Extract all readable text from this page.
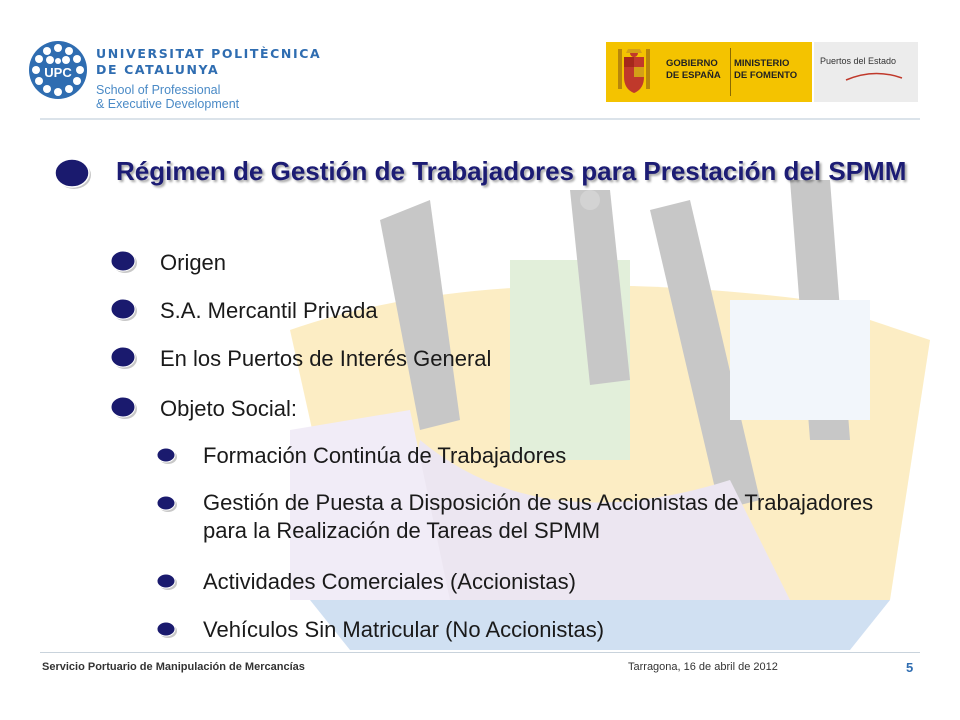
UPC
UNIVERSITAT POLITÈCNICA
DE CATALUNYA
School of Professional
& Executive Development
GOBIERNO
DE ESPAÑA
MINISTERIO
DE FOMENTO
Puertos del Estado
Régimen de Gestión de Trabajadores para Prestación del SPMM
Origen
S.A. Mercantil Privada
En los Puertos de Interés General
Objeto Social:
Formación Continúa de Trabajadores
Gestión de Puesta a Disposición de sus Accionistas de Trabajadores para la Realización de Tareas del SPMM
Actividades Comerciales (Accionistas)
Vehículos Sin Matricular (No Accionistas)
Servicio Portuario de Manipulación de Mercancías	Tarragona, 16 de abril de 2012	5
